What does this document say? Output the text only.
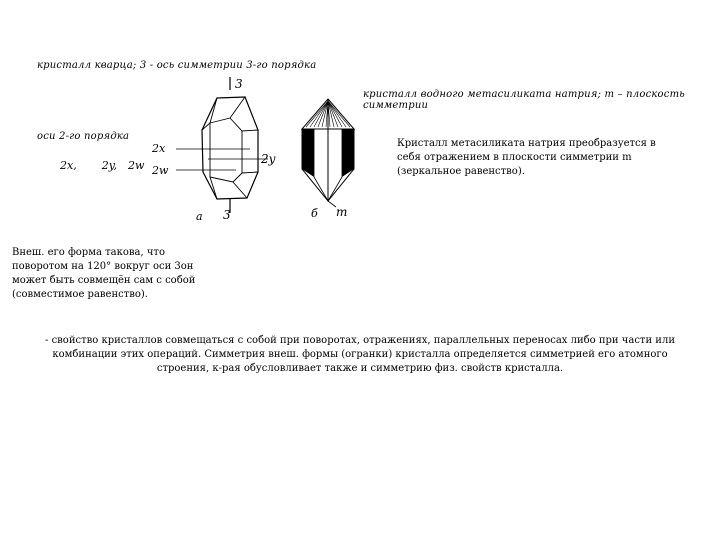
кристалл кварца; 3 - ось симметрии 3-го порядка
кристалл водного метасиликата натрия; m – плоскость симметрии
оси 2-го порядка
2x, 2y, 2w
3
2x
2w
2y
a 3	б m
Кристалл метасиликата натрия преобразуется в себя отражением в плоскости симметрии m (зеркальное равенство).
Внеш. его форма такова, что поворотом на 120° вокруг оси 3он может быть совмещён сам с собой (совместимое равенство).
- свойство кристаллов совмещаться с собой при поворотах, отражениях, параллельных переносах либо при части или комбинации этих операций. Симметрия внеш. формы (огранки) кристалла определяется симметрией его атомного строения, к-рая обусловливает также и симметрию физ. свойств кристалла.
